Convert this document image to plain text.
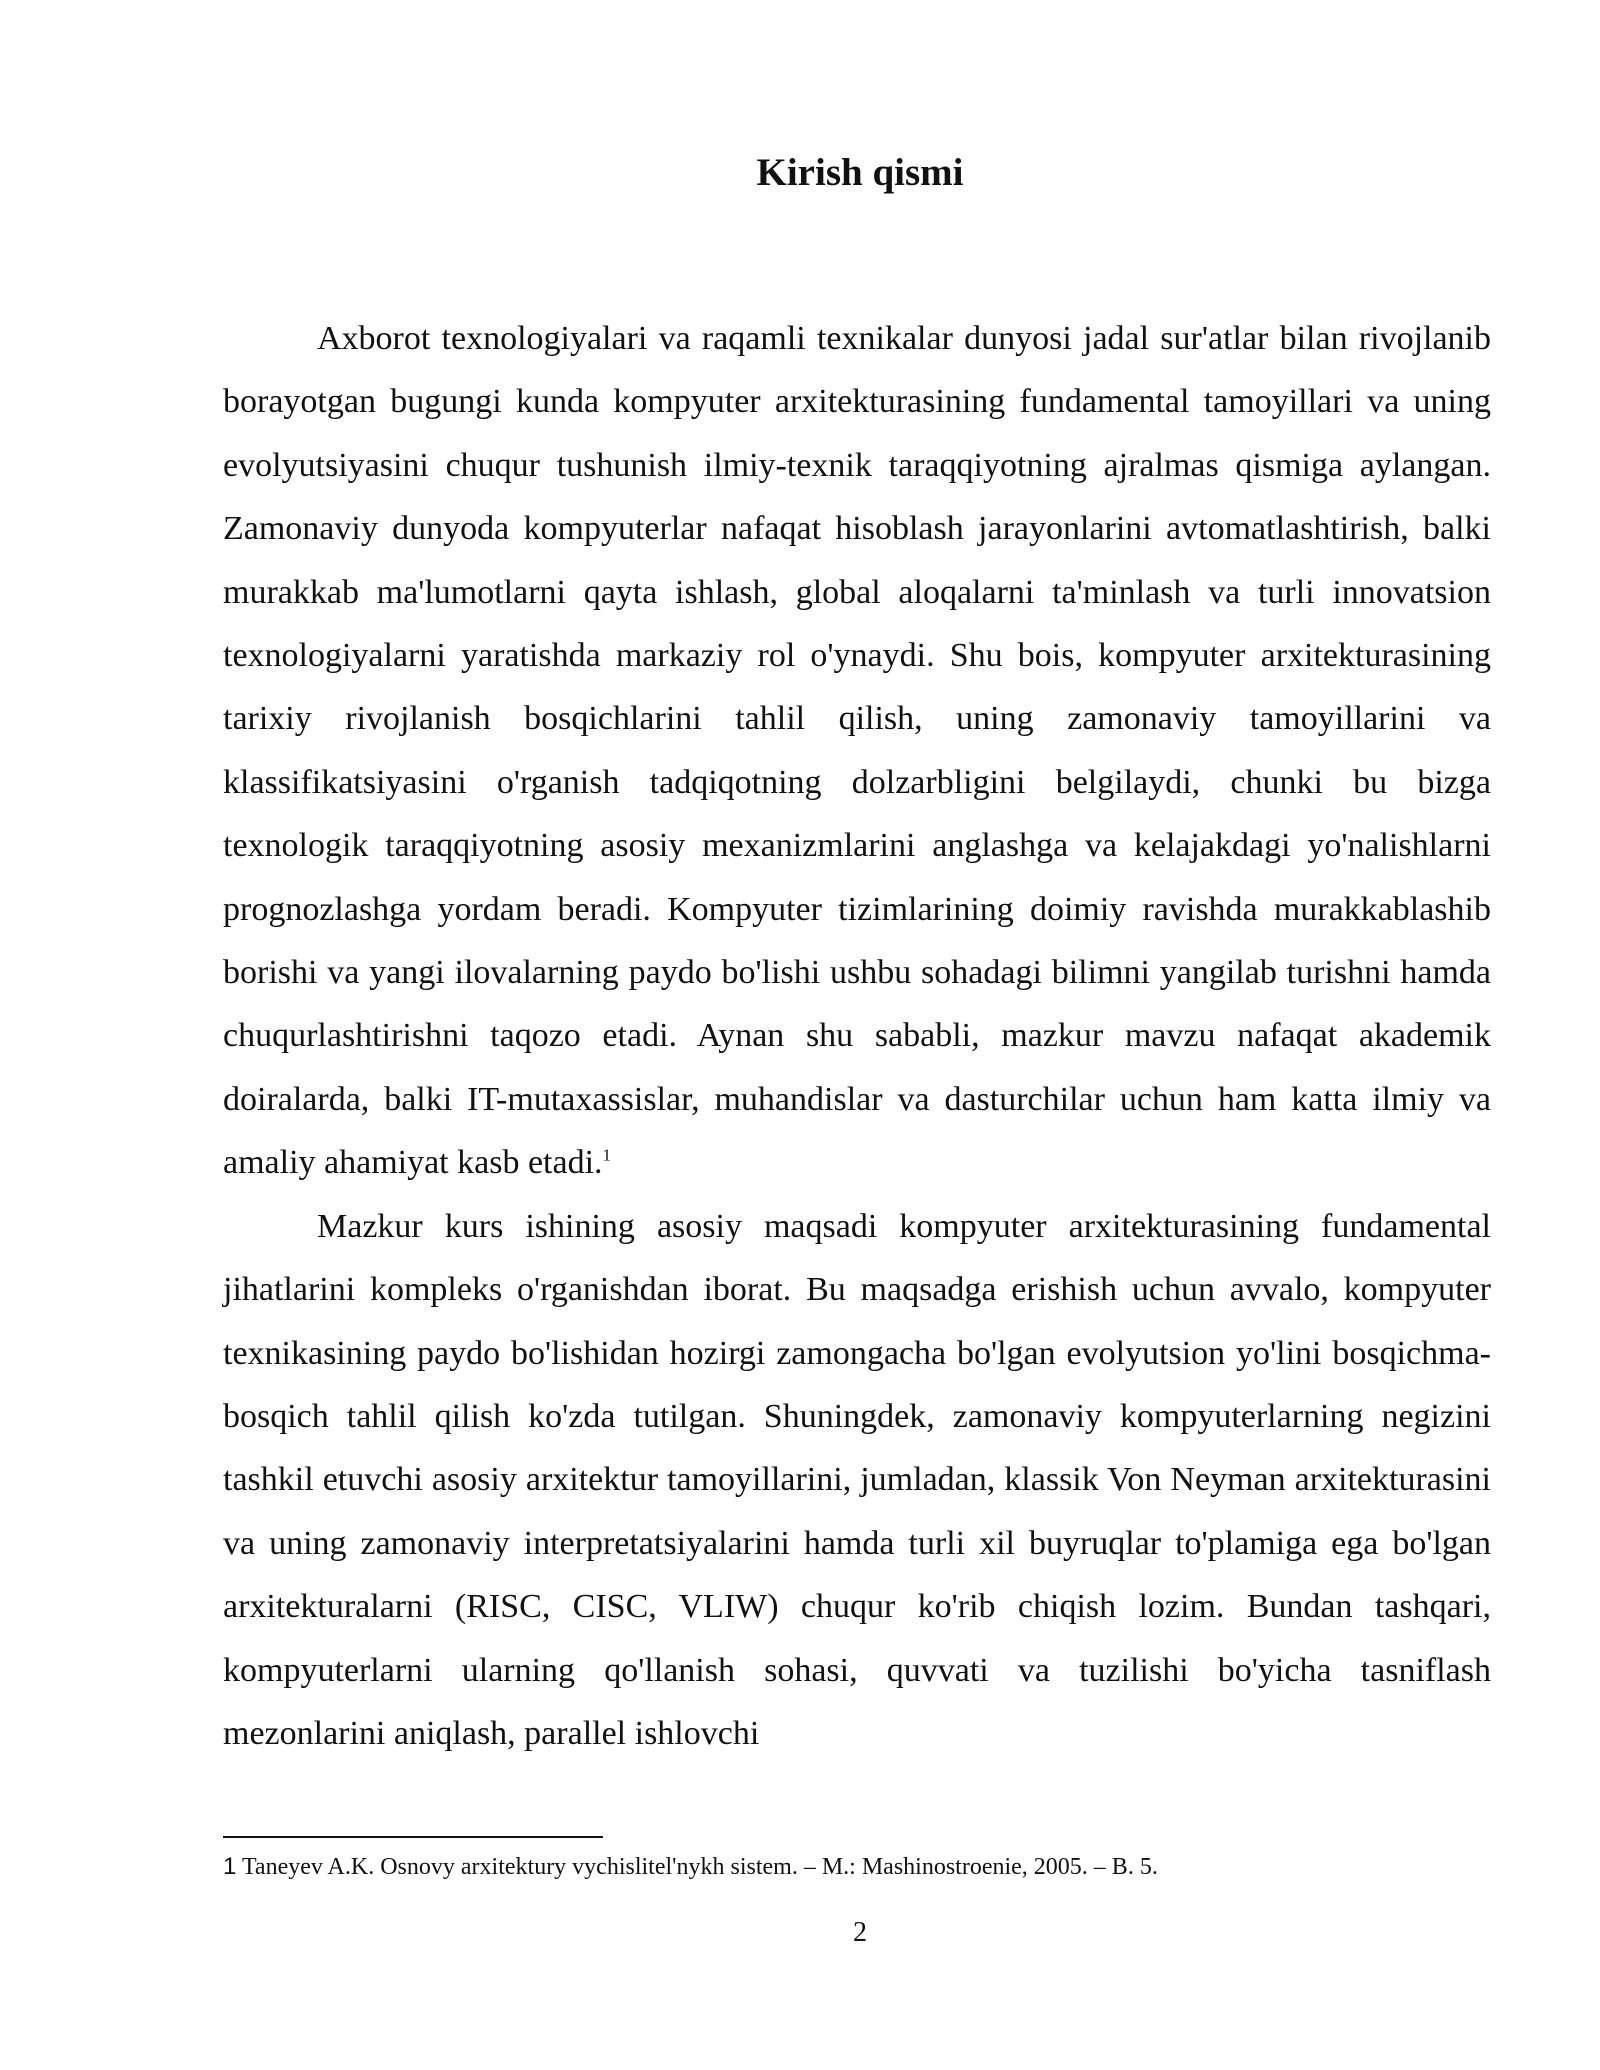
Kirish qismi

Axborot texnologiyalari va raqamli texnikalar dunyosi jadal sur'atlar bilan rivojlanib borayotgan bugungi kunda kompyuter arxitekturasining fundamental tamoyillari va uning evolyutsiyasini chuqur tushunish ilmiy-texnik taraqqiyotning ajralmas qismiga aylangan. Zamonaviy dunyoda kompyuterlar nafaqat hisoblash jarayonlarini avtomatlashtirish, balki murakkab ma'lumotlarni qayta ishlash, global aloqalarni ta'minlash va turli innovatsion texnologiyalarni yaratishda markaziy rol o'ynaydi. Shu bois, kompyuter arxitekturasining tarixiy rivojlanish bosqichlarini tahlil qilish, uning zamonaviy tamoyillarini va klassifikatsiyasini o'rganish tadqiqotning dolzarbligini belgilaydi, chunki bu bizga texnologik taraqqiyotning asosiy mexanizmlarini anglashga va kelajakdagi yo'nalishlarni prognozlashga yordam beradi. Kompyuter tizimlarining doimiy ravishda murakkablashib borishi va yangi ilovalarning paydo bo'lishi ushbu sohadagi bilimni yangilab turishni hamda chuqurlashtirishni taqozo etadi. Aynan shu sababli, mazkur mavzu nafaqat akademik doiralarda, balki IT-mutaxassislar, muhandislar va dasturchilar uchun ham katta ilmiy va amaliy ahamiyat kasb etadi.$^1$

Mazkur kurs ishining asosiy maqsadi kompyuter arxitekturasining fundamental jihatlarini kompleks o'rganishdan iborat. Bu maqsadga erishish uchun avvalo, kompyuter texnikasining paydo bo'lishidan hozirgi zamongacha bo'lgan evolyutsion yo'lini bosqichma-bosqich tahlil qilish ko'zda tutilgan. Shuningdek, zamonaviy kompyuterlarning negizini tashkil etuvchi asosiy arxitektur tamoyillarini, jumladan, klassik Von Neyman arxitekturasini va uning zamonaviy interpretatsiyalarini hamda turli xil buyruqlar to'plamiga ega bo'lgan arxitekturalarni (RISC, CISC, VLIW) chuqur ko'rib chiqish lozim. Bundan tashqari, kompyuterlarni ularning qo'llanish sohasi, quvvati va tuzilishi bo'yicha tasniflash mezonlarini aniqlash, parallel ishlovchi

1 Taneyev A.K. Osnovy arxitektury vychislitel'nykh sistem. – M.: Mashinostroenie, 2005. – B. 5.

2
